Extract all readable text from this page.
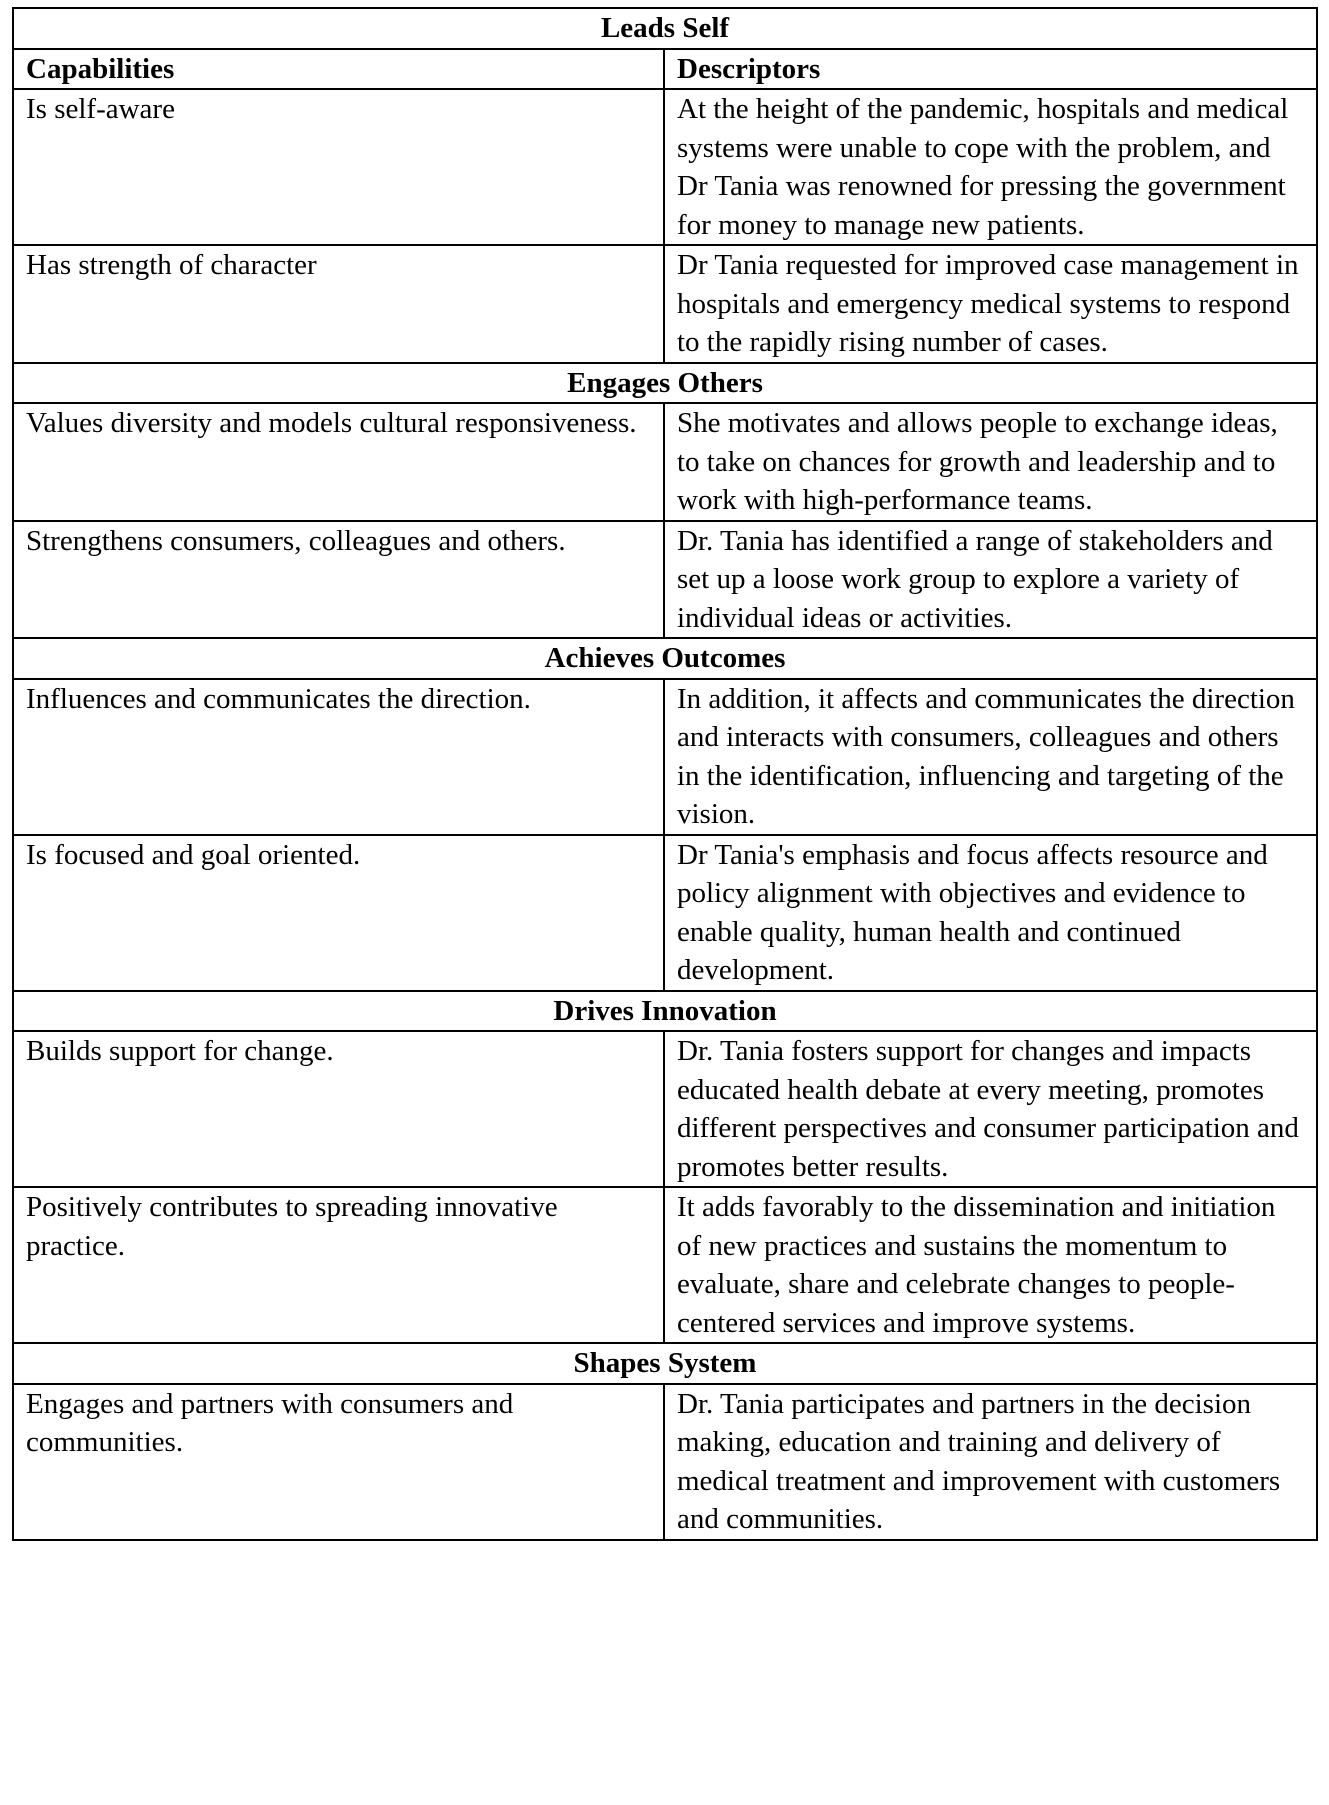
Leads Self	
Capabilities	Descriptors
Is self-aware	At the height of the pandemic, hospitals and medical systems were unable to cope with the problem, and Dr Tania was renowned for pressing the government for money to manage new patients.
Has strength of character	Dr Tania requested for improved case management in hospitals and emergency medical systems to respond to the rapidly rising number of cases.
Engages Others	
Values diversity and models cultural responsiveness.	She motivates and allows people to exchange ideas, to take on chances for growth and leadership and to work with high-performance teams.
Strengthens consumers, colleagues and others.	Dr. Tania has identified a range of stakeholders and set up a loose work group to explore a variety of individual ideas or activities.
Achieves Outcomes	
Influences and communicates the direction.	In addition, it affects and communicates the direction and interacts with consumers, colleagues and others in the identification, influencing and targeting of the vision.
Is focused and goal oriented.	Dr Tania's emphasis and focus affects resource and policy alignment with objectives and evidence to enable quality, human health and continued development.
Drives Innovation	
Builds support for change.	Dr. Tania fosters support for changes and impacts educated health debate at every meeting, promotes different perspectives and consumer participation and promotes better results.
Positively contributes to spreading innovative practice.	It adds favorably to the dissemination and initiation of new practices and sustains the momentum to evaluate, share and celebrate changes to people-centered services and improve systems.
Shapes System	
Engages and partners with consumers and communities.	Dr. Tania participates and partners in the decision making, education and training and delivery of medical treatment and improvement with customers and communities.
